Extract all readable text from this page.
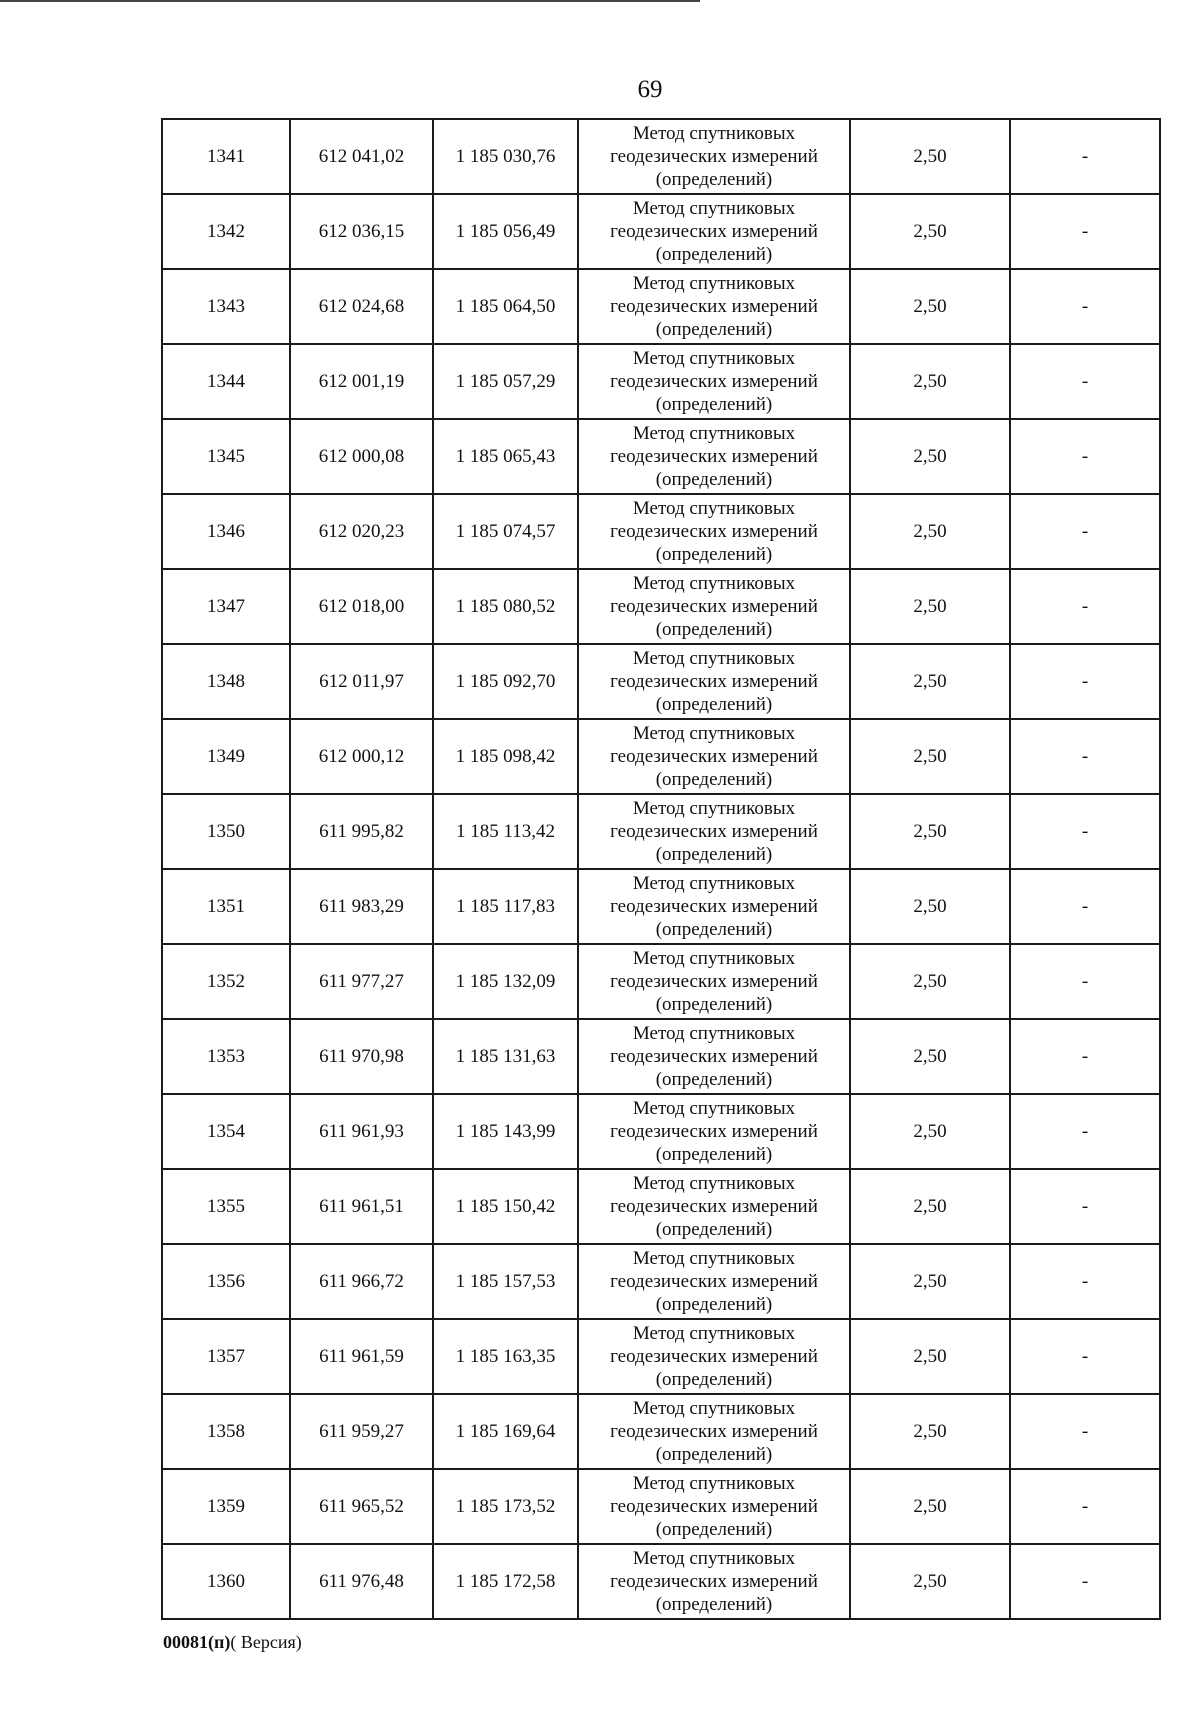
69
1341	612 041,02	1 185 030,76	Метод спутниковых
геодезических измерений
(определений)	2,50	-
1342	612 036,15	1 185 056,49	Метод спутниковых
геодезических измерений
(определений)	2,50	-
1343	612 024,68	1 185 064,50	Метод спутниковых
геодезических измерений
(определений)	2,50	-
1344	612 001,19	1 185 057,29	Метод спутниковых
геодезических измерений
(определений)	2,50	-
1345	612 000,08	1 185 065,43	Метод спутниковых
геодезических измерений
(определений)	2,50	-
1346	612 020,23	1 185 074,57	Метод спутниковых
геодезических измерений
(определений)	2,50	-
1347	612 018,00	1 185 080,52	Метод спутниковых
геодезических измерений
(определений)	2,50	-
1348	612 011,97	1 185 092,70	Метод спутниковых
геодезических измерений
(определений)	2,50	-
1349	612 000,12	1 185 098,42	Метод спутниковых
геодезических измерений
(определений)	2,50	-
1350	611 995,82	1 185 113,42	Метод спутниковых
геодезических измерений
(определений)	2,50	-
1351	611 983,29	1 185 117,83	Метод спутниковых
геодезических измерений
(определений)	2,50	-
1352	611 977,27	1 185 132,09	Метод спутниковых
геодезических измерений
(определений)	2,50	-
1353	611 970,98	1 185 131,63	Метод спутниковых
геодезических измерений
(определений)	2,50	-
1354	611 961,93	1 185 143,99	Метод спутниковых
геодезических измерений
(определений)	2,50	-
1355	611 961,51	1 185 150,42	Метод спутниковых
геодезических измерений
(определений)	2,50	-
1356	611 966,72	1 185 157,53	Метод спутниковых
геодезических измерений
(определений)	2,50	-
1357	611 961,59	1 185 163,35	Метод спутниковых
геодезических измерений
(определений)	2,50	-
1358	611 959,27	1 185 169,64	Метод спутниковых
геодезических измерений
(определений)	2,50	-
1359	611 965,52	1 185 173,52	Метод спутниковых
геодезических измерений
(определений)	2,50	-
1360	611 976,48	1 185 172,58	Метод спутниковых
геодезических измерений
(определений)	2,50	-
00081(п)( Версия)
